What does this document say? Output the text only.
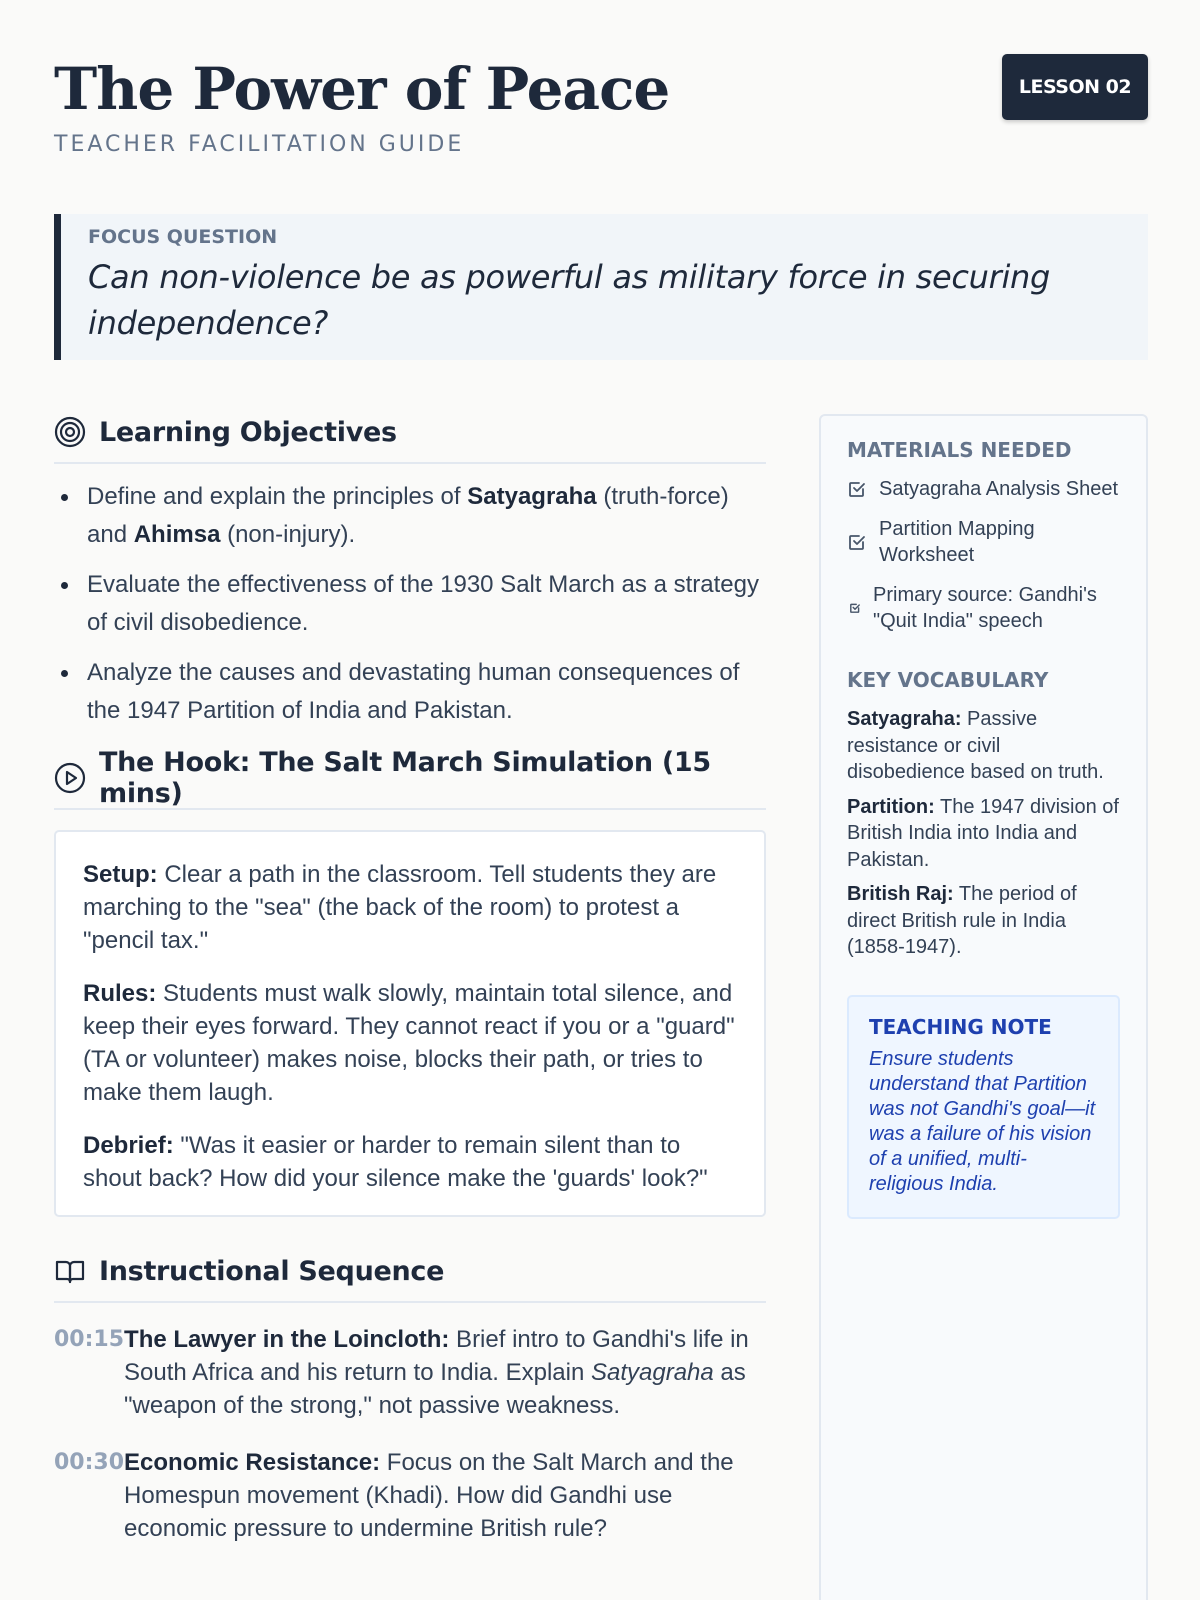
The Power of Peace
TEACHER FACILITATION GUIDE
LESSON 02
FOCUS QUESTION
Can non-violence be as powerful as military force in securing independence?
Learning Objectives
Define and explain the principles of Satyagraha (truth-force) and Ahimsa (non-injury).
Evaluate the effectiveness of the 1930 Salt March as a strategy of civil disobedience.
Analyze the causes and devastating human consequences of the 1947 Partition of India and Pakistan.
The Hook: The Salt March Simulation (15 mins)

Setup: Clear a path in the classroom. Tell students they are marching to the "sea" (the back of the room) to protest a "pencil tax."

Rules: Students must walk slowly, maintain total silence, and keep their eyes forward. They cannot react if you or a "guard" (TA or volunteer) makes noise, blocks their path, or tries to make them laugh.

Debrief: "Was it easier or harder to remain silent than to shout back? How did your silence make the 'guards' look?"

Instructional Sequence
00:15 The Lawyer in the Loincloth: Brief intro to Gandhi's life in South Africa and his return to India. Explain Satyagraha as "weapon of the strong," not passive weakness.
00:30 Economic Resistance: Focus on the Salt March and the Homespun movement (Khadi). How did Gandhi use economic pressure to undermine British rule?
MATERIALS NEEDED
Satyagraha Analysis Sheet
Partition Mapping Worksheet
Primary source: Gandhi's "Quit India" speech
KEY VOCABULARY

Satyagraha: Passive resistance or civil disobedience based on truth.

Partition: The 1947 division of British India into India and Pakistan.

British Raj: The period of direct British rule in India (1858-1947).

TEACHING NOTE
Ensure students understand that Partition was not Gandhi's goal—it was a failure of his vision of a unified, multi-religious India.
